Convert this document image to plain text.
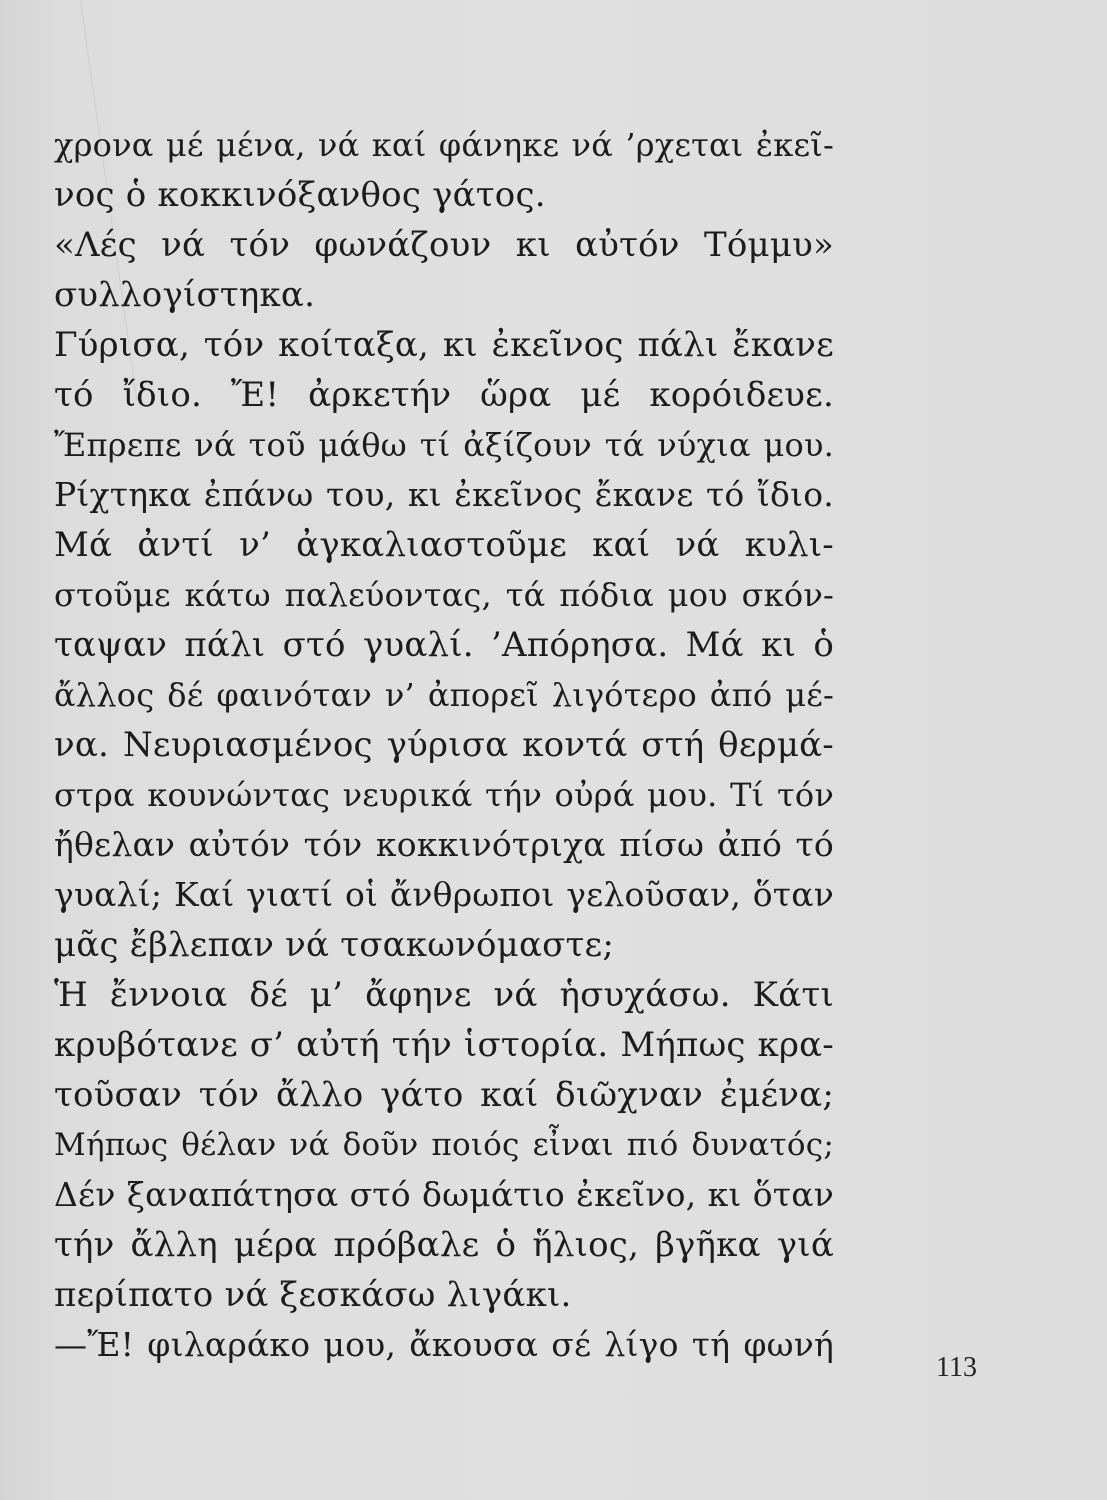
χρονα μέ μένα, νά καί φάνηκε νά ’ρχεται ἐκεῖ-
νος ὁ κοκκινόξανθος γάτος.
«Λές νά τόν φωνάζουν κι αὐτόν Τόμμυ»
συλλογίστηκα.
Γύρισα, τόν κοίταξα, κι ἐκεῖνος πάλι ἔκανε
τό ἴδιο. Ἔ! ἀρκετήν ὥρα μέ κορόιδευε.
Ἔπρεπε νά τοῦ μάθω τί ἀξίζουν τά νύχια μου.
Ρίχτηκα ἐπάνω του, κι ἐκεῖνος ἔκανε τό ἴδιο.
Μά ἀντί ν’ ἀγκαλιαστοῦμε καί νά κυλι-
στοῦμε κάτω παλεύοντας, τά πόδια μου σκόν-
ταψαν πάλι στό γυαλί. ’Απόρησα. Μά κι ὁ
ἄλλος δέ φαινόταν ν’ ἀπορεῖ λιγότερο ἀπό μέ-
να. Νευριασμένος γύρισα κοντά στή θερμά-
στρα κουνώντας νευρικά τήν οὐρά μου. Τί τόν
ἤθελαν αὐτόν τόν κοκκινότριχα πίσω ἀπό τό
γυαλί; Καί γιατί οἱ ἄνθρωποι γελοῦσαν, ὅταν
μᾶς ἔβλεπαν νά τσακωνόμαστε;
Ἡ ἔννοια δέ μ’ ἄφηνε νά ἡσυχάσω. Κάτι
κρυβότανε σ’ αὐτή τήν ἱστορία. Μήπως κρα-
τοῦσαν τόν ἄλλο γάτο καί διῶχναν ἐμένα;
Μήπως θέλαν νά δοῦν ποιός εἶναι πιό δυνατός;
Δέν ξαναπάτησα στό δωμάτιο ἐκεῖνο, κι ὅταν
τήν ἄλλη μέρα πρόβαλε ὁ ἥλιος, βγῆκα γιά
περίπατο νά ξεσκάσω λιγάκι.
—Ἔ! φιλαράκο μου, ἄκουσα σέ λίγο τή φωνή
113
